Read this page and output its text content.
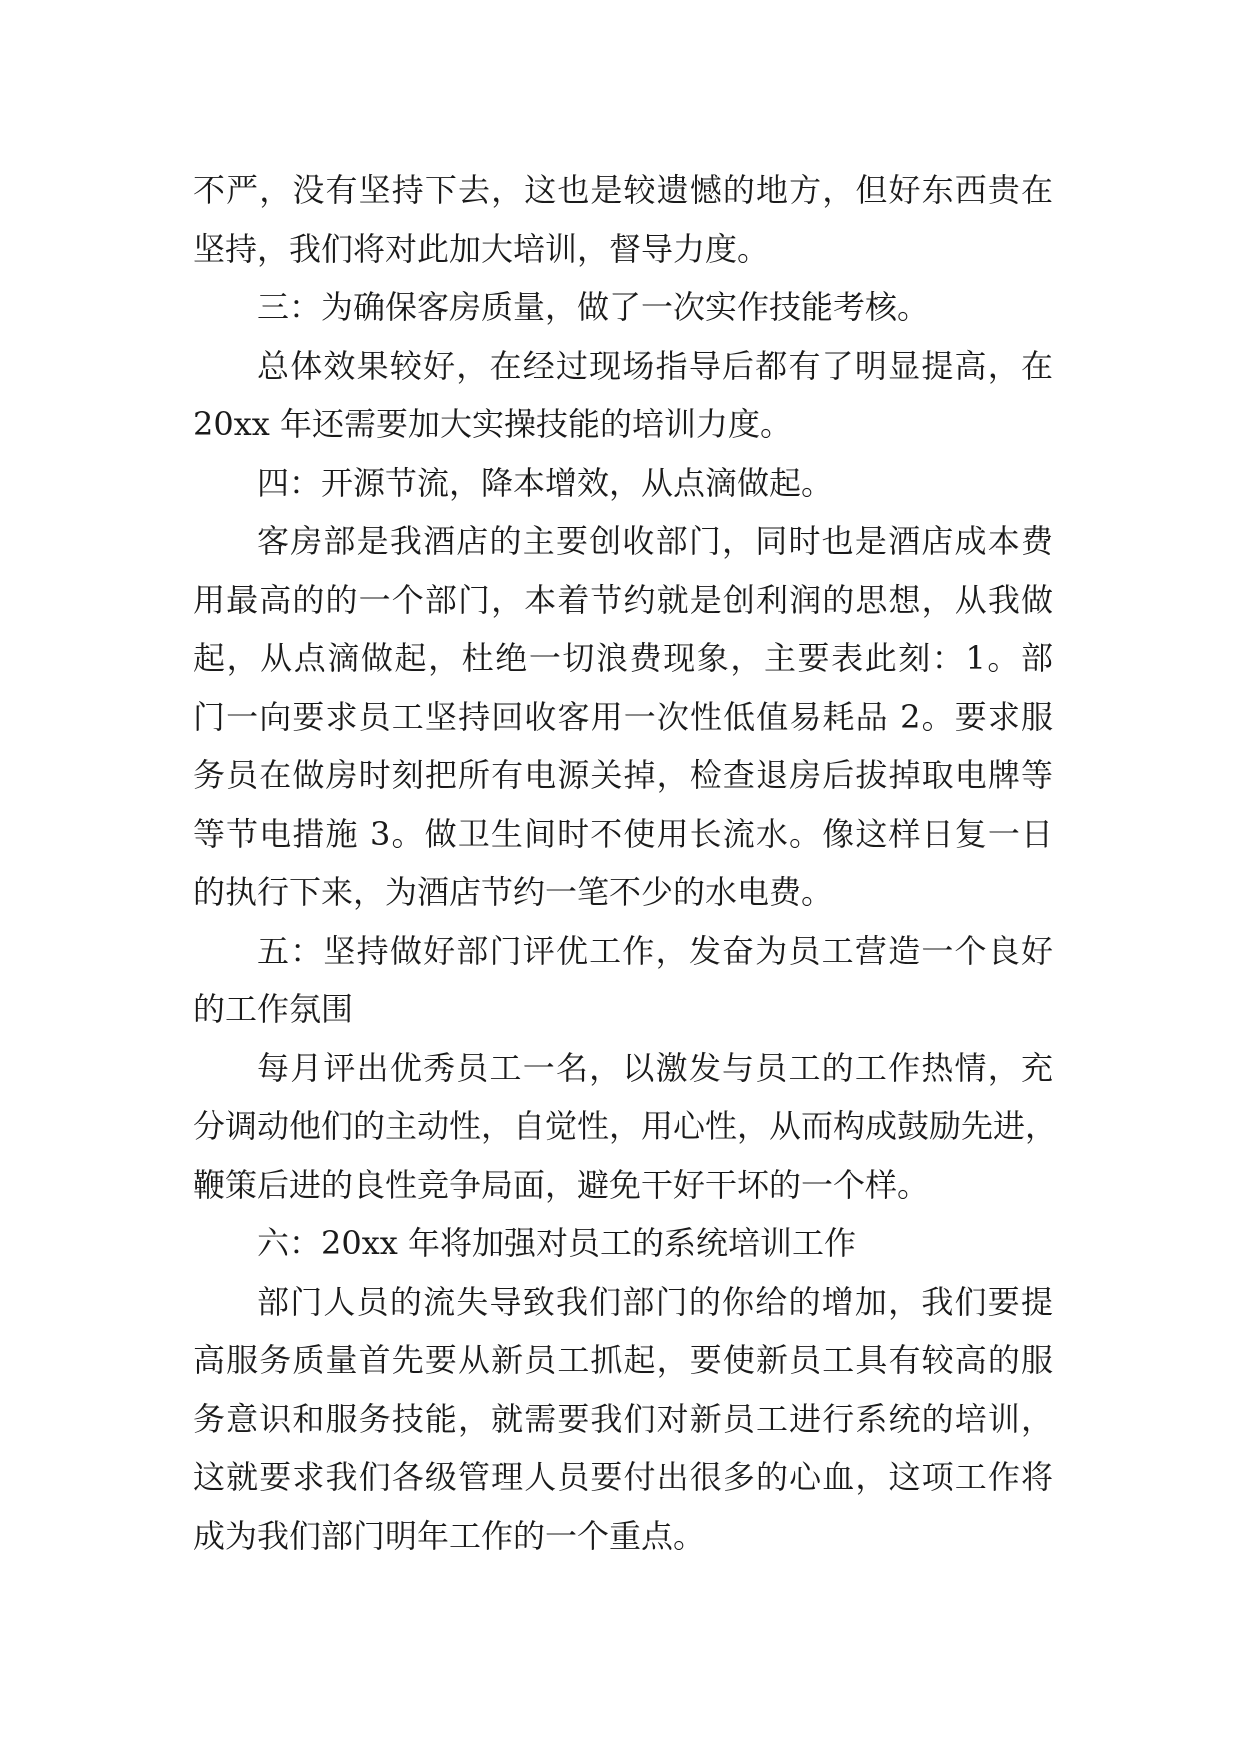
不严，没有坚持下去，这也是较遗憾的地方，但好东西贵在
坚持，我们将对此加大培训，督导力度。
三：为确保客房质量，做了一次实作技能考核。
总体效果较好，在经过现场指导后都有了明显提高，在
20xx 年还需要加大实操技能的培训力度。
四：开源节流，降本增效，从点滴做起。
客房部是我酒店的主要创收部门，同时也是酒店成本费
用最高的的一个部门，本着节约就是创利润的思想，从我做
起，从点滴做起，杜绝一切浪费现象，主要表此刻：1。部
门一向要求员工坚持回收客用一次性低值易耗品 2。要求服
务员在做房时刻把所有电源关掉，检查退房后拔掉取电牌等
等节电措施 3。做卫生间时不使用长流水。像这样日复一日
的执行下来，为酒店节约一笔不少的水电费。
五：坚持做好部门评优工作，发奋为员工营造一个良好
的工作氛围
每月评出优秀员工一名，以激发与员工的工作热情，充
分调动他们的主动性，自觉性，用心性，从而构成鼓励先进，
鞭策后进的良性竞争局面，避免干好干坏的一个样。
六：20xx 年将加强对员工的系统培训工作
部门人员的流失导致我们部门的你给的增加，我们要提
高服务质量首先要从新员工抓起，要使新员工具有较高的服
务意识和服务技能，就需要我们对新员工进行系统的培训，
这就要求我们各级管理人员要付出很多的心血，这项工作将
成为我们部门明年工作的一个重点。
